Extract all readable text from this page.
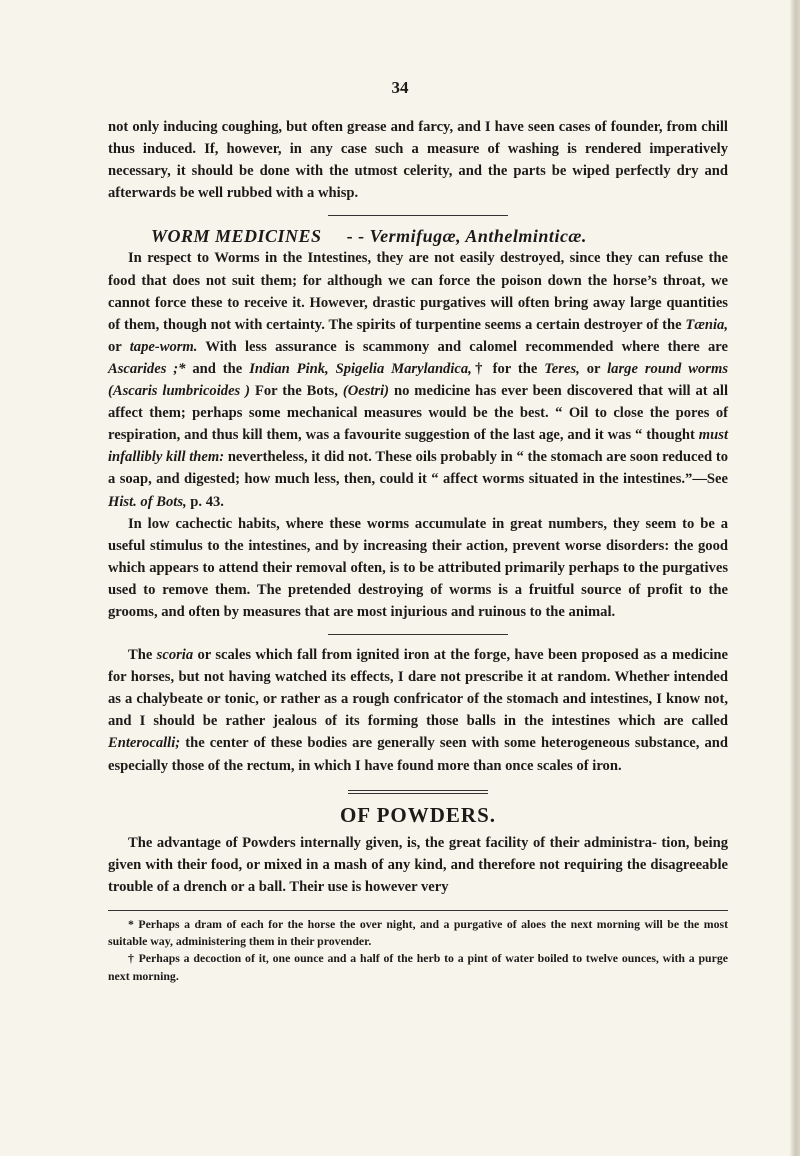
34

not only inducing coughing, but often grease and farcy, and I have seen cases of founder, from chill thus induced. If, however, in any case such a measure of washing is rendered imperatively necessary, it should be done with the utmost celerity, and the parts be wiped perfectly dry and afterwards be well rubbed with a whisp.

WORM MEDICINES - - Vermifugæ, Anthelminticæ.

In respect to Worms in the Intestines, they are not easily destroyed, since they can refuse the food that does not suit them; for although we can force the poison down the horse’s throat, we cannot force these to receive it. However, drastic purgatives will often bring away large quantities of them, though not with certainty. The spirits of turpentine seems a certain destroyer of the Tænia, or tape-worm. With less assurance is scammony and calomel recommended where there are Ascarides ;* and the Indian Pink, Spigelia Marylandica,† for the Teres, or large round worms (Ascaris lumbricoides ) For the Bots, (Oestri) no medicine has ever been discovered that will at all affect them; perhaps some mechanical measures would be the best. “ Oil to close the pores of respiration, and thus kill them, was a favourite suggestion of the last age, and it was “ thought must infallibly kill them: nevertheless, it did not. These oils probably in “ the stomach are soon reduced to a soap, and digested; how much less, then, could it “ affect worms situated in the intestines.”—See Hist. of Bots, p. 43.

In low cachectic habits, where these worms accumulate in great numbers, they seem to be a useful stimulus to the intestines, and by increasing their action, prevent worse disorders: the good which appears to attend their removal often, is to be attributed primarily perhaps to the purgatives used to remove them. The pretended destroying of worms is a fruitful source of profit to the grooms, and often by measures that are most injurious and ruinous to the animal.

The scoria or scales which fall from ignited iron at the forge, have been proposed as a medicine for horses, but not having watched its effects, I dare not prescribe it at random. Whether intended as a chalybeate or tonic, or rather as a rough confricator of the stomach and intestines, I know not, and I should be rather jealous of its forming those balls in the intestines which are called Enterocalli; the center of these bodies are generally seen with some heterogeneous substance, and especially those of the rectum, in which I have found more than once scales of iron.

OF POWDERS.

The advantage of Powders internally given, is, the great facility of their administra- tion, being given with their food, or mixed in a mash of any kind, and therefore not requiring the disagreeable trouble of a drench or a ball. Their use is however very

* Perhaps a dram of each for the horse the over night, and a purgative of aloes the next morning will be the most suitable way, administering them in their provender.

† Perhaps a decoction of it, one ounce and a half of the herb to a pint of water boiled to twelve ounces, with a purge next morning.
